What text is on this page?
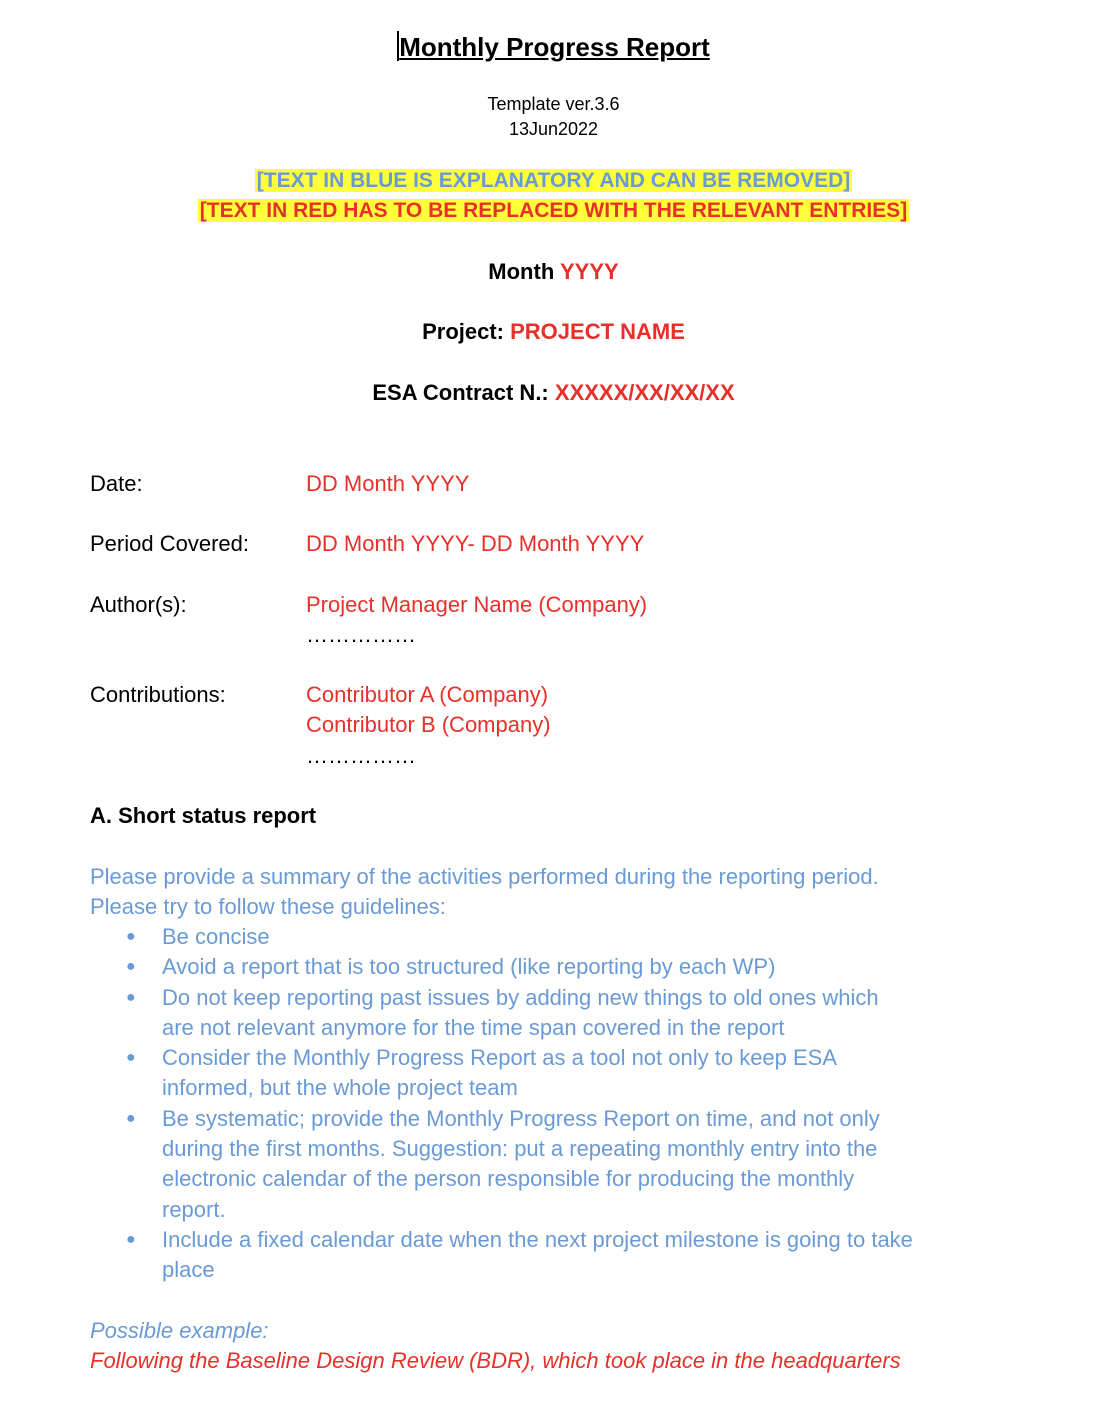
Monthly Progress Report
Template ver.3.6
13Jun2022
[TEXT IN BLUE IS EXPLANATORY AND CAN BE REMOVED]
[TEXT IN RED HAS TO BE REPLACED WITH THE RELEVANT ENTRIES]
Month YYYY
Project: PROJECT NAME
ESA Contract N.: XXXXX/XX/XX/XX
Date:	DD Month YYYY
Period Covered:	DD Month YYYY- DD Month YYYY
Author(s):	Project Manager Name (Company)
……………
Contributions:	Contributor A (Company)
Contributor B (Company)
……………
A. Short status report
Please provide a summary of the activities performed during the reporting period.
Please try to follow these guidelines:
● Be concise
● Avoid a report that is too structured (like reporting by each WP)
● Do not keep reporting past issues by adding new things to old ones which
are not relevant anymore for the time span covered in the report
● Consider the Monthly Progress Report as a tool not only to keep ESA
informed, but the whole project team
● Be systematic; provide the Monthly Progress Report on time, and not only
during the first months. Suggestion: put a repeating monthly entry into the
electronic calendar of the person responsible for producing the monthly
report.
● Include a fixed calendar date when the next project milestone is going to take
place
Possible example:
Following the Baseline Design Review (BDR), which took place in the headquarters
